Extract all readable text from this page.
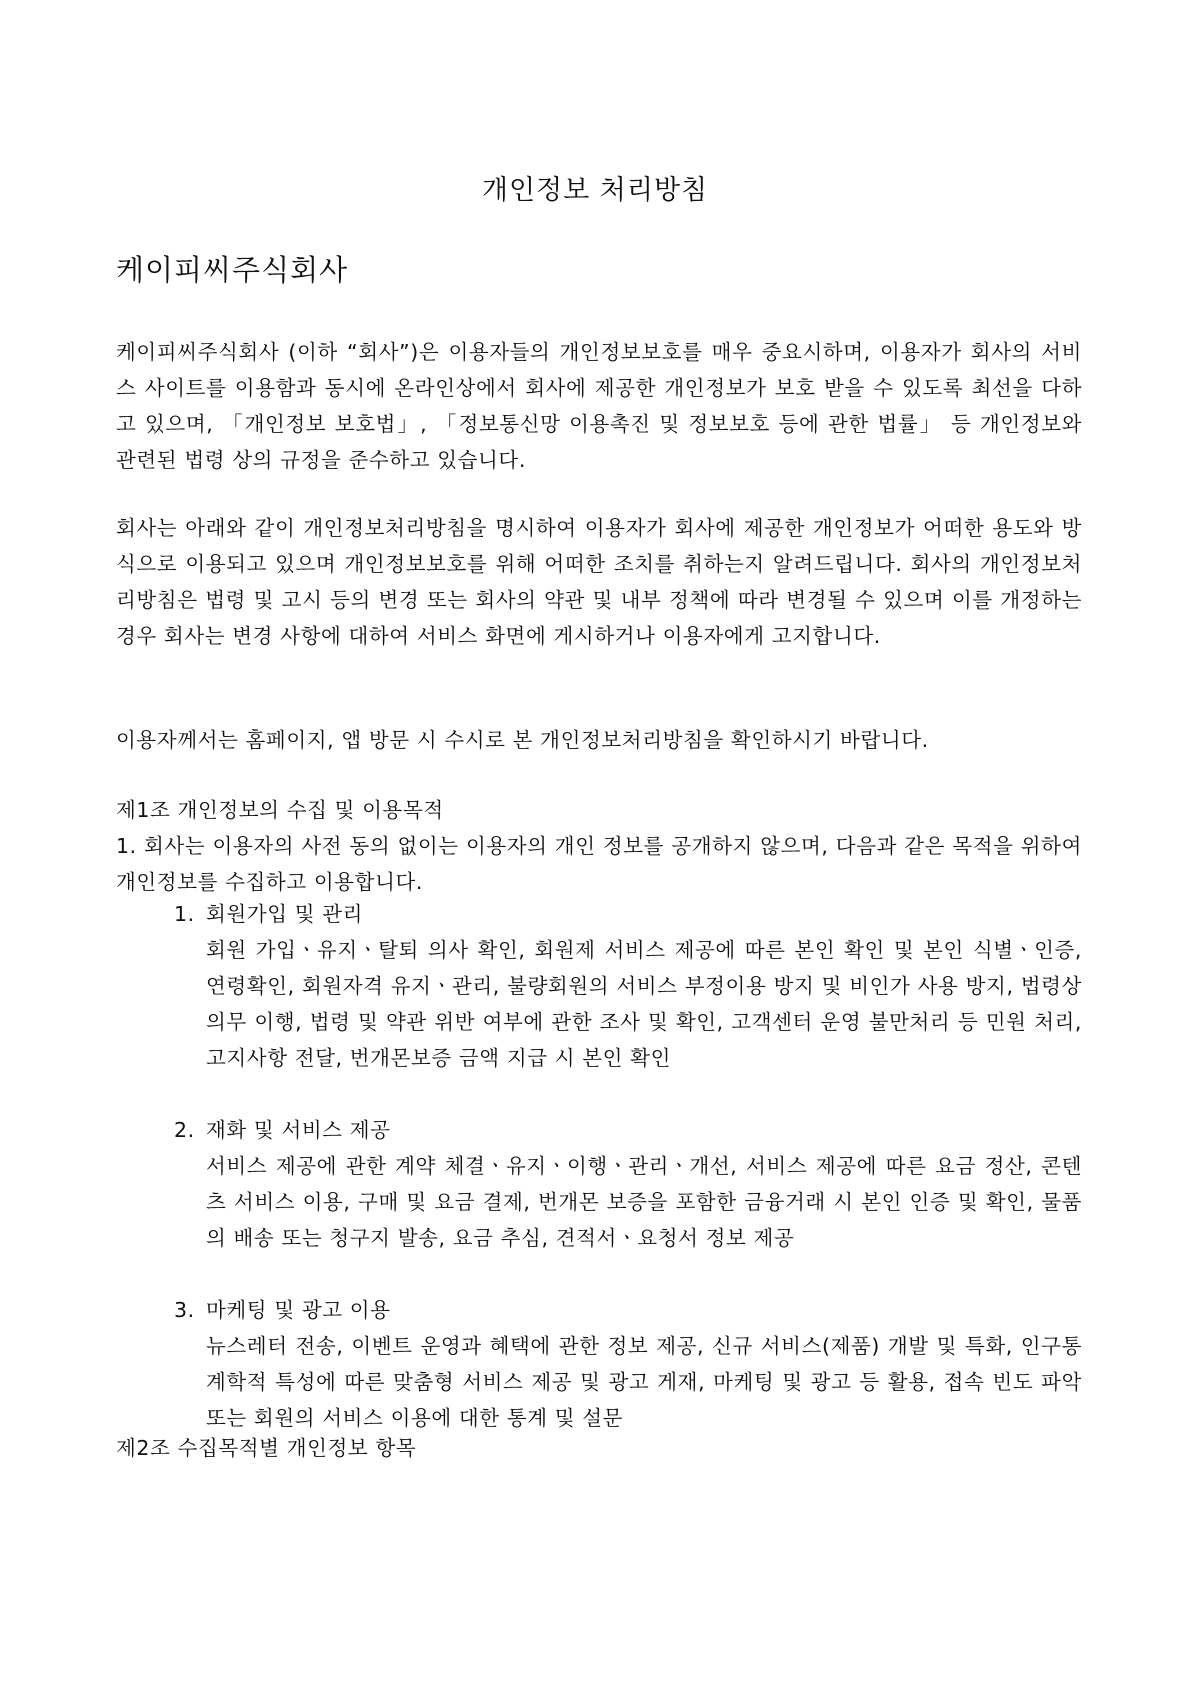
개인정보 처리방침
케이피씨주식회사
케이피씨주식회사 (이하 “회사”)은 이용자들의 개인정보보호를 매우 중요시하며, 이용자가 회사의 서비스 사이트를 이용함과 동시에 온라인상에서 회사에 제공한 개인정보가 보호 받을 수 있도록 최선을 다하고 있으며, 「개인정보 보호법」, 「정보통신망 이용촉진 및 정보보호 등에 관한 법률」 등 개인정보와 관련된 법령 상의 규정을 준수하고 있습니다.
회사는 아래와 같이 개인정보처리방침을 명시하여 이용자가 회사에 제공한 개인정보가 어떠한 용도와 방식으로 이용되고 있으며 개인정보보호를 위해 어떠한 조치를 취하는지 알려드립니다. 회사의 개인정보처리방침은 법령 및 고시 등의 변경 또는 회사의 약관 및 내부 정책에 따라 변경될 수 있으며 이를 개정하는 경우 회사는 변경 사항에 대하여 서비스 화면에 게시하거나 이용자에게 고지합니다.
이용자께서는 홈페이지, 앱 방문 시 수시로 본 개인정보처리방침을 확인하시기 바랍니다.
제1조 개인정보의 수집 및 이용목적
1. 회사는 이용자의 사전 동의 없이는 이용자의 개인 정보를 공개하지 않으며, 다음과 같은 목적을 위하여 개인정보를 수집하고 이용합니다.
1. 회원가입 및 관리
회원 가입ㆍ유지ㆍ탈퇴 의사 확인, 회원제 서비스 제공에 따른 본인 확인 및 본인 식별ㆍ인증, 연령확인, 회원자격 유지ㆍ관리, 불량회원의 서비스 부정이용 방지 및 비인가 사용 방지, 법령상 의무 이행, 법령 및 약관 위반 여부에 관한 조사 및 확인, 고객센터 운영 불만처리 등 민원 처리, 고지사항 전달, 번개몬보증 금액 지급 시 본인 확인
2. 재화 및 서비스 제공
서비스 제공에 관한 계약 체결ㆍ유지ㆍ이행ㆍ관리ㆍ개선, 서비스 제공에 따른 요금 정산, 콘텐츠 서비스 이용, 구매 및 요금 결제, 번개몬 보증을 포함한 금융거래 시 본인 인증 및 확인, 물품의 배송 또는 청구지 발송, 요금 추심, 견적서ㆍ요청서 정보 제공
3. 마케팅 및 광고 이용
뉴스레터 전송, 이벤트 운영과 혜택에 관한 정보 제공, 신규 서비스(제품) 개발 및 특화, 인구통계학적 특성에 따른 맞춤형 서비스 제공 및 광고 게재, 마케팅 및 광고 등 활용, 접속 빈도 파악 또는 회원의 서비스 이용에 대한 통계 및 설문
제2조 수집목적별 개인정보 항목
